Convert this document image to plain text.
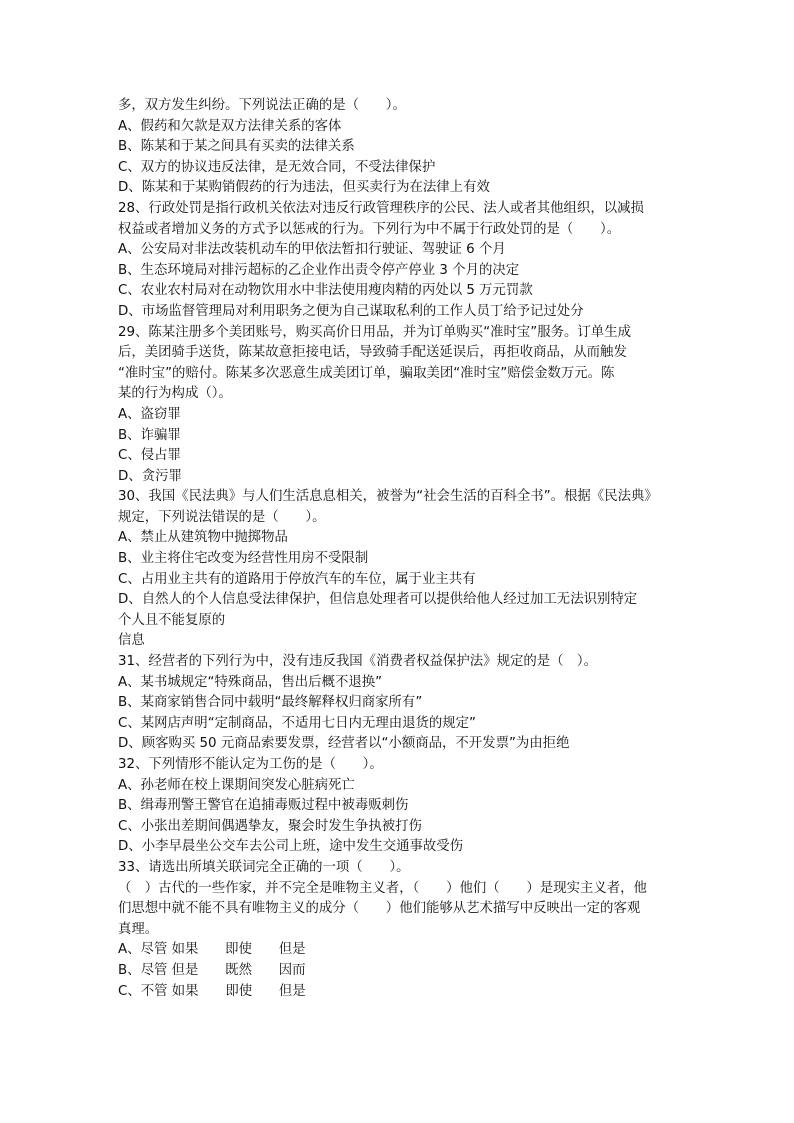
多，双方发生纠纷。下列说法正确的是（　　）。
A、假药和欠款是双方法律关系的客体
B、陈某和于某之间具有买卖的法律关系
C、双方的协议违反法律，是无效合同，不受法律保护
D、陈某和于某购销假药的行为违法，但买卖行为在法律上有效
28、行政处罚是指行政机关依法对违反行政管理秩序的公民、法人或者其他组织，以减损
权益或者增加义务的方式予以惩戒的行为。下列行为中不属于行政处罚的是（　　）。
A、公安局对非法改装机动车的甲依法暂扣行驶证、驾驶证 6 个月
B、生态环境局对排污超标的乙企业作出责令停产停业 3 个月的决定
C、农业农村局对在动物饮用水中非法使用瘦肉精的丙处以 5 万元罚款
D、市场监督管理局对利用职务之便为自己谋取私利的工作人员丁给予记过处分
29、陈某注册多个美团账号，购买高价日用品，并为订单购买“准时宝”服务。订单生成
后，美团骑手送货，陈某故意拒接电话，导致骑手配送延误后，再拒收商品，从而触发
“准时宝”的赔付。陈某多次恶意生成美团订单，骗取美团“准时宝”赔偿金数万元。陈
某的行为构成（）。
A、盗窃罪
B、诈骗罪
C、侵占罪
D、贪污罪
30、我国《民法典》与人们生活息息相关，被誉为“社会生活的百科全书”。根据《民法典》
规定，下列说法错误的是（　　）。
A、禁止从建筑物中抛掷物品
B、业主将住宅改变为经营性用房不受限制
C、占用业主共有的道路用于停放汽车的车位，属于业主共有
D、自然人的个人信息受法律保护，但信息处理者可以提供给他人经过加工无法识别特定
个人且不能复原的
信息
31、经营者的下列行为中，没有违反我国《消费者权益保护法》规定的是（　）。
A、某书城规定“特殊商品，售出后概不退换”
B、某商家销售合同中载明“最终解释权归商家所有”
C、某网店声明“定制商品，不适用七日内无理由退货的规定”
D、顾客购买 50 元商品索要发票，经营者以“小额商品，不开发票”为由拒绝
32、下列情形不能认定为工伤的是（　　）。
A、孙老师在校上课期间突发心脏病死亡
B、缉毒刑警王警官在追捕毒贩过程中被毒贩刺伤
C、小张出差期间偶遇挚友，聚会时发生争执被打伤
D、小李早晨坐公交车去公司上班，途中发生交通事故受伤
33、请选出所填关联词完全正确的一项（　　）。
（　）古代的一些作家，并不完全是唯物主义者，（　　）他们（　　）是现实主义者，他
们思想中就不能不具有唯物主义的成分（　　）他们能够从艺术描写中反映出一定的客观
真理。
A、尽管 如果　　即使　　但是
B、尽管 但是　　既然　　因而
C、不管 如果　　即使　　但是
